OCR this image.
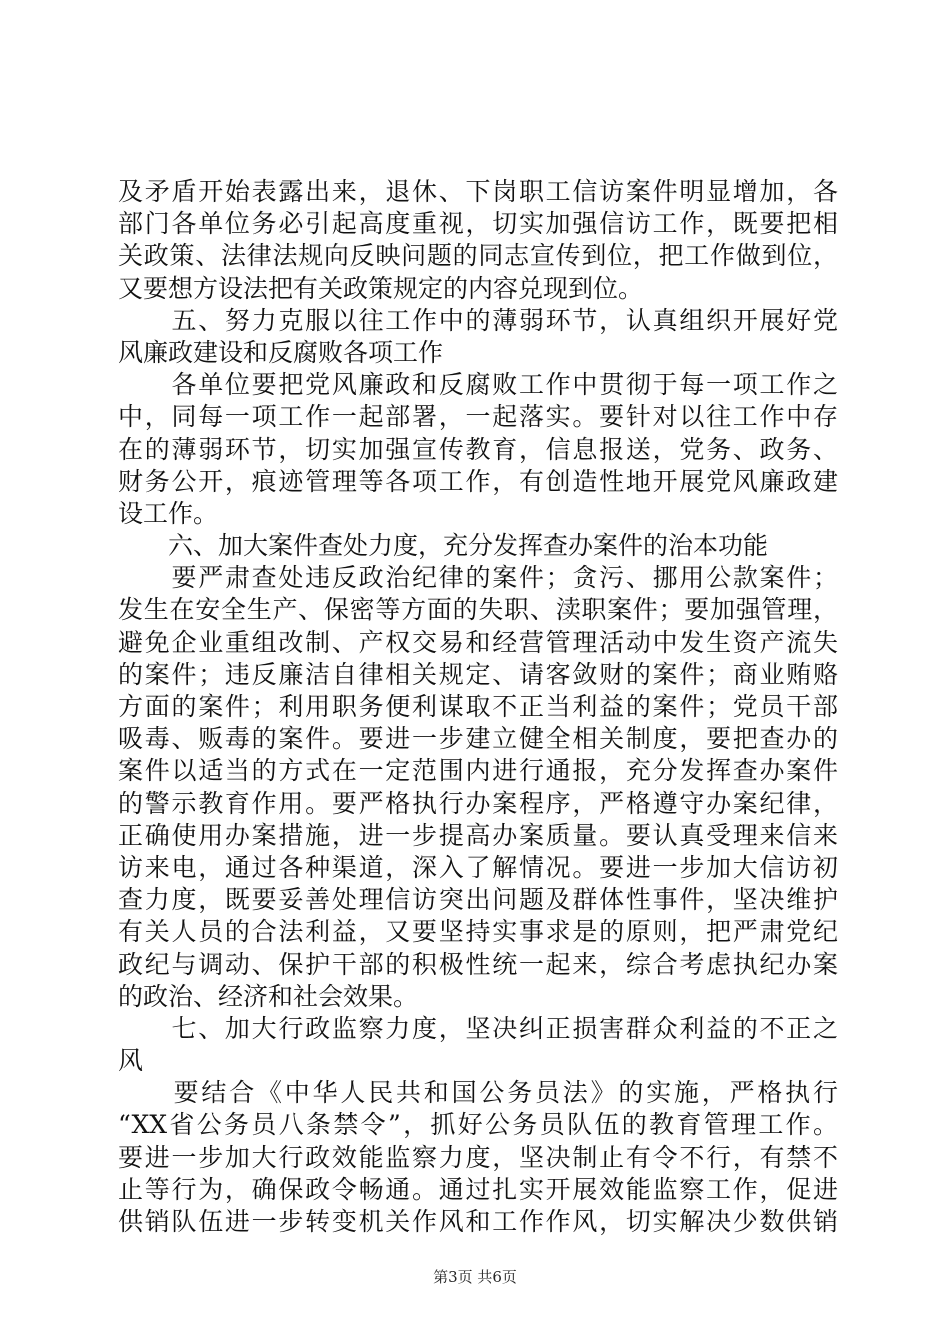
及矛盾开始表露出来，退休、下岗职工信访案件明显增加，各
部门各单位务必引起高度重视，切实加强信访工作，既要把相
关政策、法律法规向反映问题的同志宣传到位，把工作做到位，
又要想方设法把有关政策规定的内容兑现到位。
　　五、努力克服以往工作中的薄弱环节，认真组织开展好党
风廉政建设和反腐败各项工作
　　各单位要把党风廉政和反腐败工作中贯彻于每一项工作之
中，同每一项工作一起部署，一起落实。要针对以往工作中存
在的薄弱环节，切实加强宣传教育，信息报送，党务、政务、
财务公开，痕迹管理等各项工作，有创造性地开展党风廉政建
设工作。
　　六、加大案件查处力度，充分发挥查办案件的治本功能
　　要严肃查处违反政治纪律的案件；贪污、挪用公款案件；
发生在安全生产、保密等方面的失职、渎职案件；要加强管理，
避免企业重组改制、产权交易和经营管理活动中发生资产流失
的案件；违反廉洁自律相关规定、请客敛财的案件；商业贿赂
方面的案件；利用职务便利谋取不正当利益的案件；党员干部
吸毒、贩毒的案件。要进一步建立健全相关制度，要把查办的
案件以适当的方式在一定范围内进行通报，充分发挥查办案件
的警示教育作用。要严格执行办案程序，严格遵守办案纪律，
正确使用办案措施，进一步提高办案质量。要认真受理来信来
访来电，通过各种渠道，深入了解情况。要进一步加大信访初
查力度，既要妥善处理信访突出问题及群体性事件，坚决维护
有关人员的合法利益，又要坚持实事求是的原则，把严肃党纪
政纪与调动、保护干部的积极性统一起来，综合考虑执纪办案
的政治、经济和社会效果。
　　七、加大行政监察力度，坚决纠正损害群众利益的不正之
风
　　要结合《中华人民共和国公务员法》的实施，严格执行
“XX省公务员八条禁令”，抓好公务员队伍的教育管理工作。
要进一步加大行政效能监察力度，坚决制止有令不行，有禁不
止等行为，确保政令畅通。通过扎实开展效能监察工作，促进
供销队伍进一步转变机关作风和工作作风，切实解决少数供销
第3页 共6页
